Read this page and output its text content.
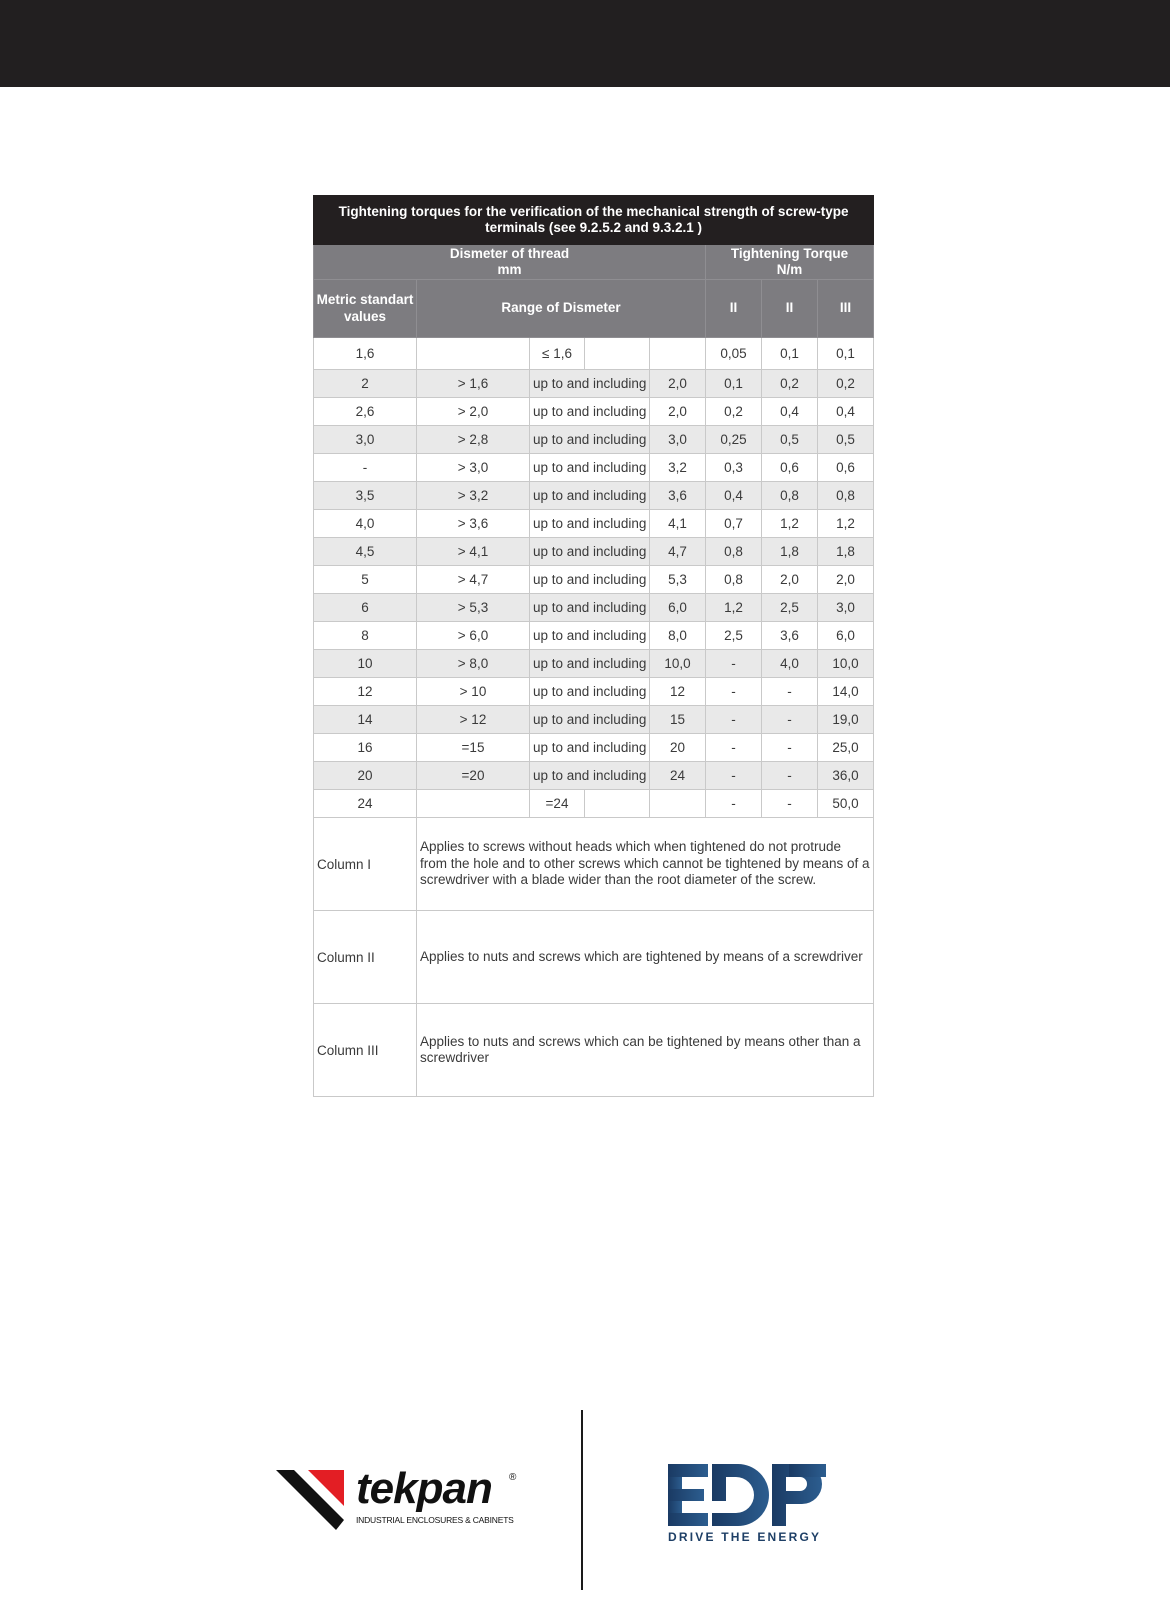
Tightening torques for the verification of the mechanical strength of screw-type terminals (see 9.2.5.2 and 9.3.2.1 )							

Dismeter of thread
mm					Tightening Torque
N/m		

Metric standart
values	Range of Dismeter				II	II	III
1,6		≤ 1,6			0,05	0,1	0,1
2	> 1,6	up to and including		2,0	0,1	0,2	0,2
2,6	> 2,0	up to and including		2,0	0,2	0,4	0,4
3,0	> 2,8	up to and including		3,0	0,25	0,5	0,5
-	> 3,0	up to and including		3,2	0,3	0,6	0,6
3,5	> 3,2	up to and including		3,6	0,4	0,8	0,8
4,0	> 3,6	up to and including		4,1	0,7	1,2	1,2
4,5	> 4,1	up to and including		4,7	0,8	1,8	1,8
5	> 4,7	up to and including		5,3	0,8	2,0	2,0
6	> 5,3	up to and including		6,0	1,2	2,5	3,0
8	> 6,0	up to and including		8,0	2,5	3,6	6,0
10	> 8,0	up to and including		10,0	-	4,0	10,0
12	> 10	up to and including		12	-	-	14,0
14	> 12	up to and including		15	-	-	19,0
16	=15	up to and including		20	-	-	25,0
20	=20	up to and including		24	-	-	36,0
24		=24			-	-	50,0
Column I	Applies to screws without heads which when tightened do not protrude from the hole and to other screws which cannot be tightened by means of a screwdriver with a blade wider than the root diameter of the screw.						
Column II	Applies to nuts and screws which are tightened by means of a screwdriver						
Column III	Applies to nuts and screws which can be tightened by means other than a screwdriver						
tekpan ®
INDUSTRIAL ENCLOSURES & CABINETS
DRIVE THE ENERGY
